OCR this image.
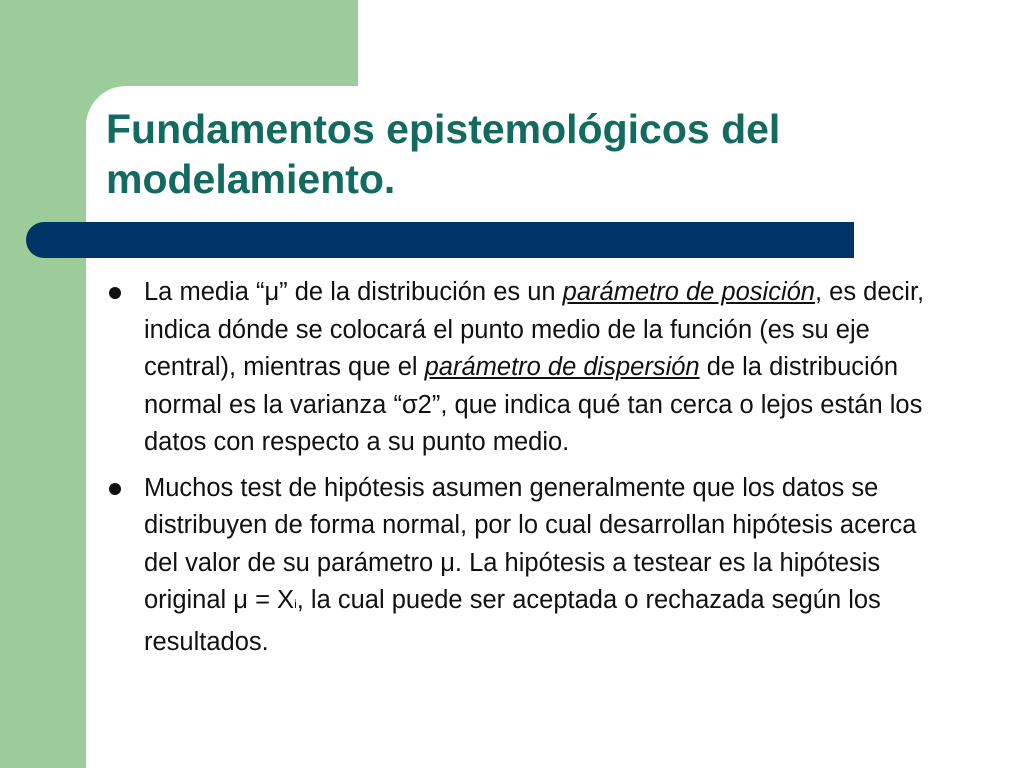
Fundamentos epistemológicos del modelamiento.
La media “μ” de la distribución es un parámetro de posición, es decir, indica dónde se colocará el punto medio de la función (es su eje central), mientras que el parámetro de dispersión de la distribución normal es la varianza “σ2”, que indica qué tan cerca o lejos están los datos con respecto a su punto medio.
Muchos test de hipótesis asumen generalmente que los datos se distribuyen de forma normal, por lo cual desarrollan hipótesis acerca del valor de su parámetro μ. La hipótesis a testear es la hipótesis original μ = Xi, la cual puede ser aceptada o rechazada según los resultados.
